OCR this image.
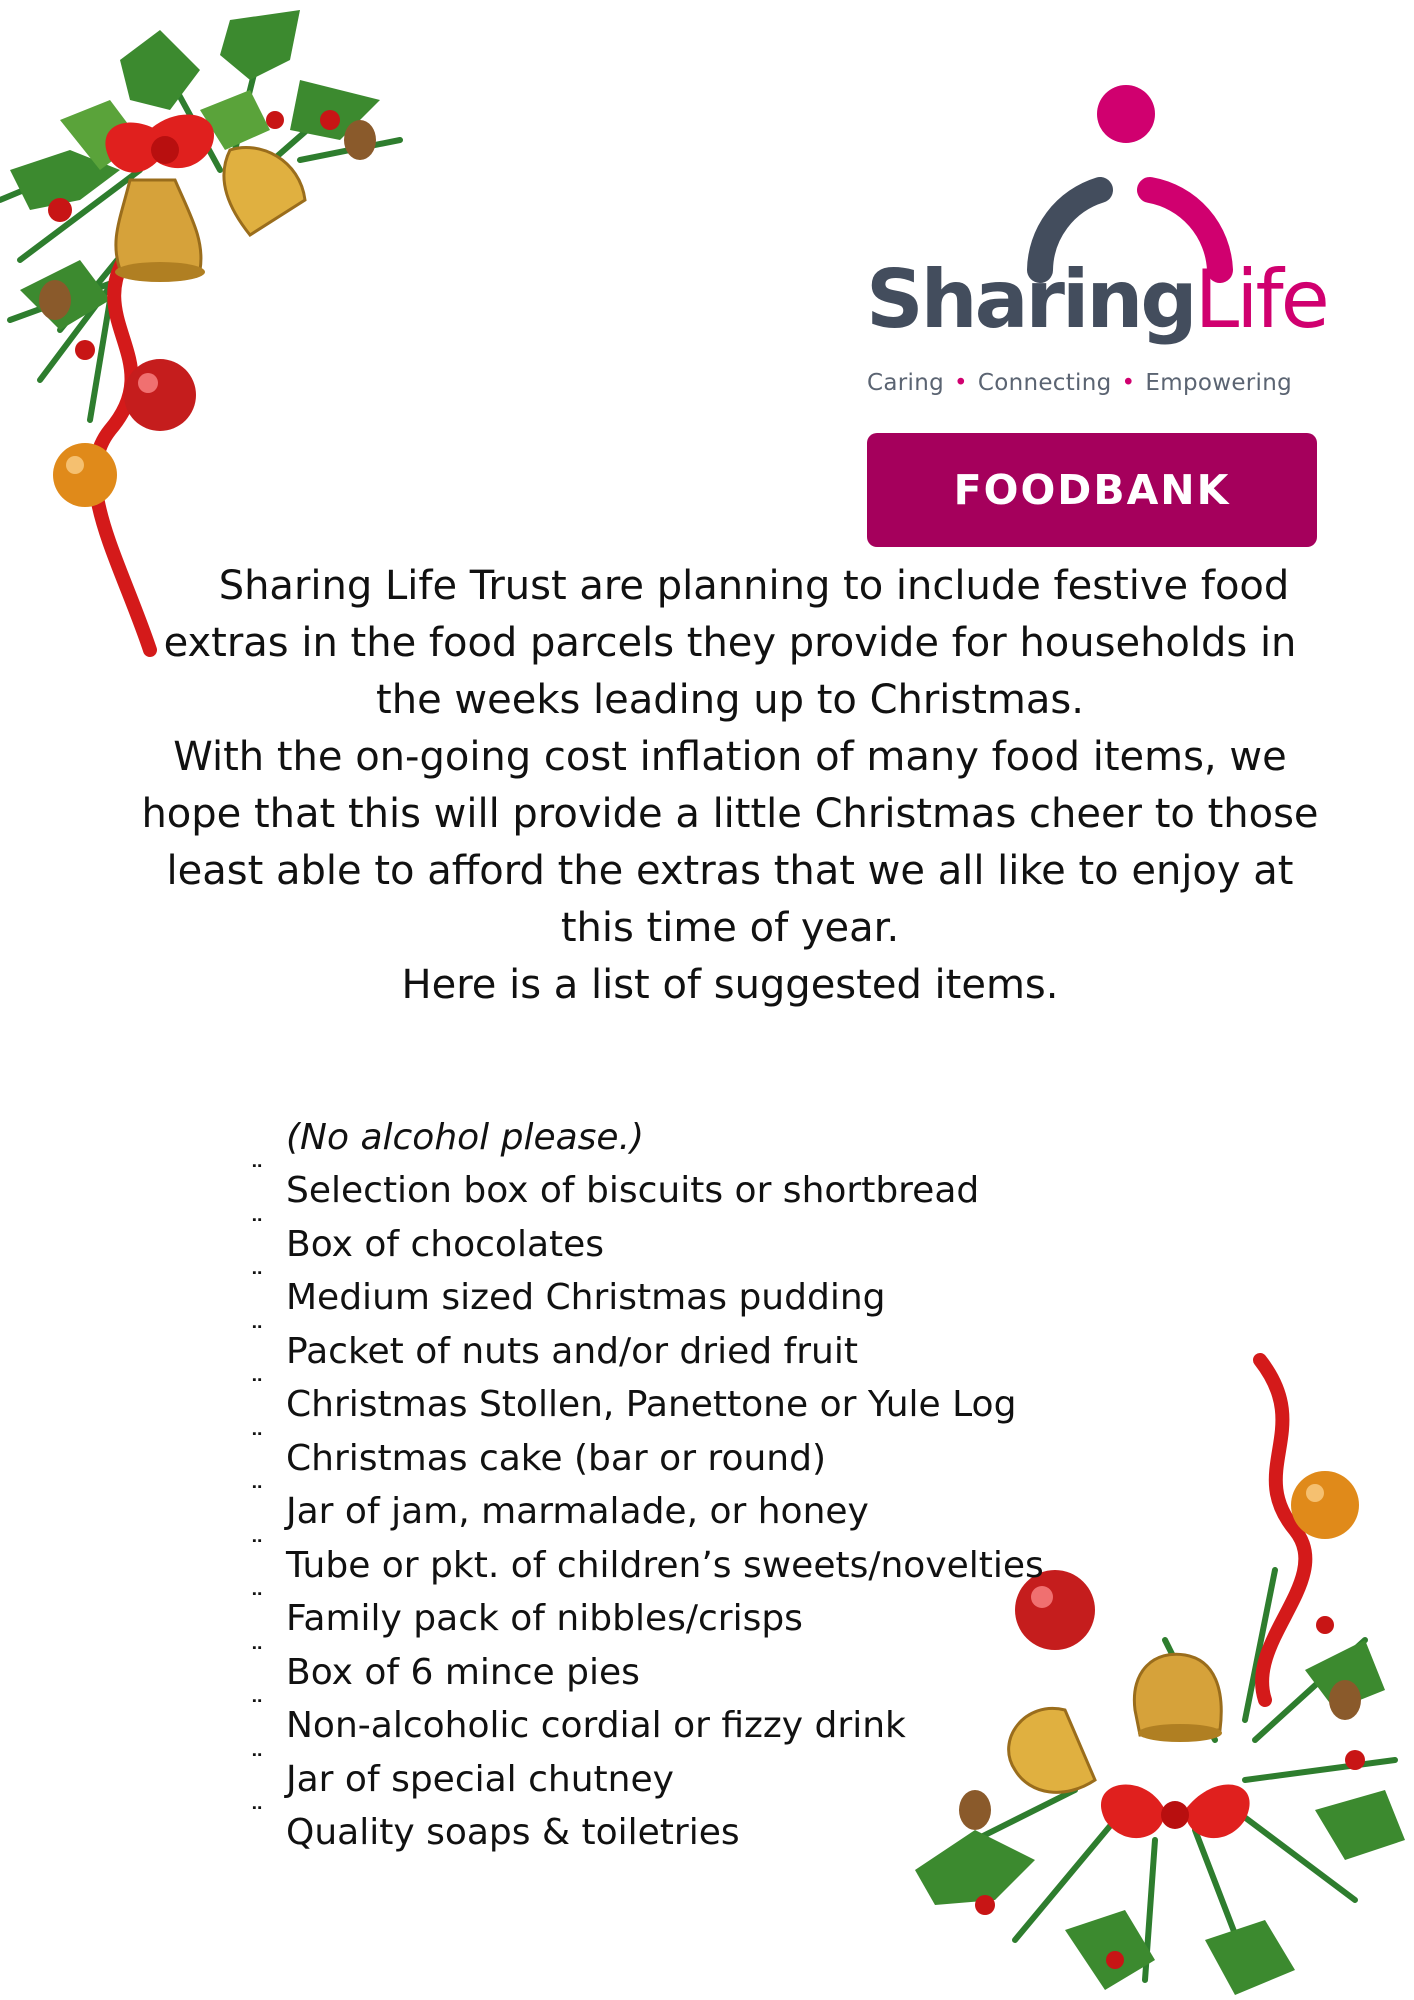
SharingLife
Caring • Connecting • Empowering
FOODBANK

Sharing Life Trust are planning to include festive food extras in the food parcels they provide for households in the weeks leading up to Christmas.

With the on-going cost inflation of many food items, we hope that this will provide a little Christmas cheer to those least able to afford the extras that we all like to enjoy at this time of year.

Here is a list of suggested items.

(No alcohol please.)

¨ Selection box of biscuits or shortbread
¨ Box of chocolates
¨ Medium sized Christmas pudding
¨ Packet of nuts and/or dried fruit
¨ Christmas Stollen, Panettone or Yule Log
¨ Christmas cake (bar or round)
¨ Jar of jam, marmalade, or honey
¨ Tube or pkt. of children’s sweets/novelties
¨ Family pack of nibbles/crisps
¨ Box of 6 mince pies
¨ Non-alcoholic cordial or fizzy drink
¨ Jar of special chutney
¨ Quality soaps & toiletries
